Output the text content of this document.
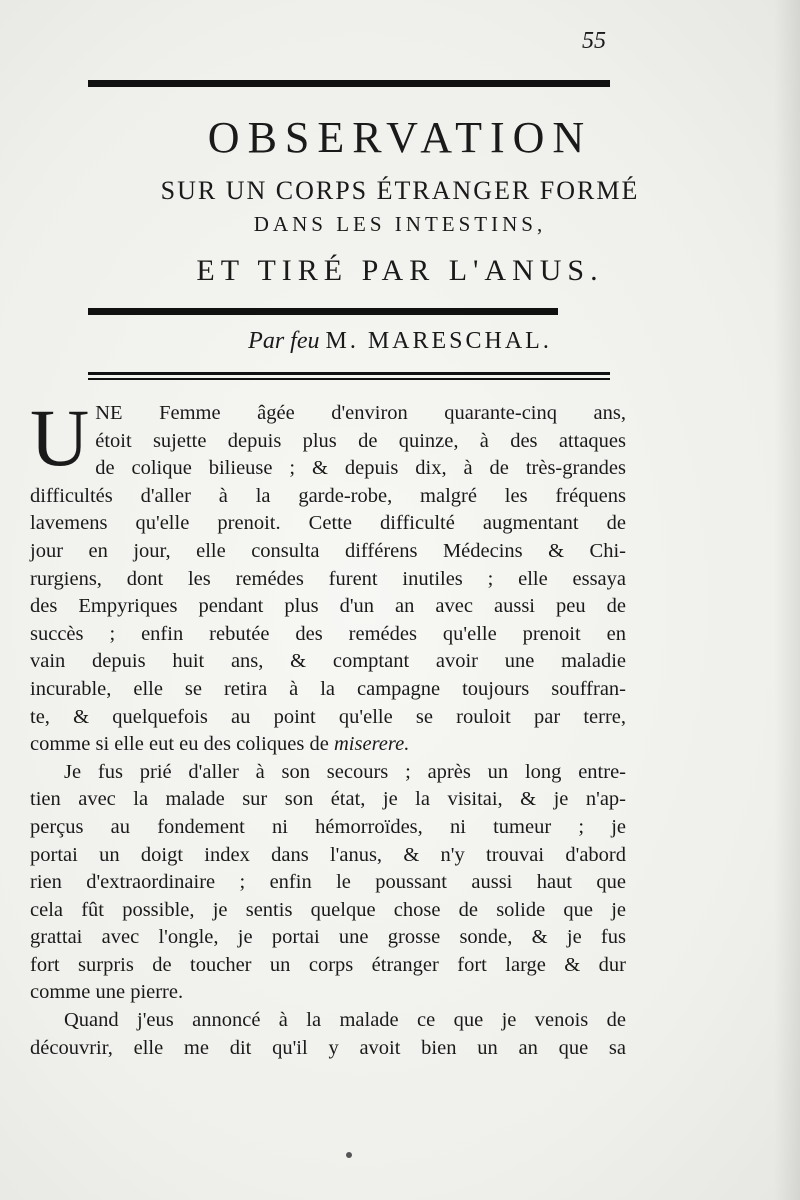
55
OBSERVATION
SUR UN CORPS ÉTRANGER FORMÉ
DANS LES INTESTINS,
ET TIRÉ PAR L'ANUS.
Par feu M. MARESCHAL.
U NE Femme âgée d'environ quarante-cinq ans,
étoit sujette depuis plus de quinze, à des attaques
de colique bilieuse ; & depuis dix, à de très-grandes
difficultés d'aller à la garde-robe, malgré les fréquens
lavemens qu'elle prenoit. Cette difficulté augmentant de
jour en jour, elle consulta différens Médecins & Chi-
rurgiens, dont les remédes furent inutiles ; elle essaya
des Empyriques pendant plus d'un an avec aussi peu de
succès ; enfin rebutée des remédes qu'elle prenoit en
vain depuis huit ans, & comptant avoir une maladie
incurable, elle se retira à la campagne toujours souffran-
te, & quelquefois au point qu'elle se rouloit par terre,
comme si elle eut eu des coliques de miserere.
Je fus prié d'aller à son secours ; après un long entre-
tien avec la malade sur son état, je la visitai, & je n'ap-
perçus au fondement ni hémorroïdes, ni tumeur ; je
portai un doigt index dans l'anus, & n'y trouvai d'abord
rien d'extraordinaire ; enfin le poussant aussi haut que
cela fût possible, je sentis quelque chose de solide que je
grattai avec l'ongle, je portai une grosse sonde, & je fus
fort surpris de toucher un corps étranger fort large & dur
comme une pierre.
Quand j'eus annoncé à la malade ce que je venois de
découvrir, elle me dit qu'il y avoit bien un an que sa
